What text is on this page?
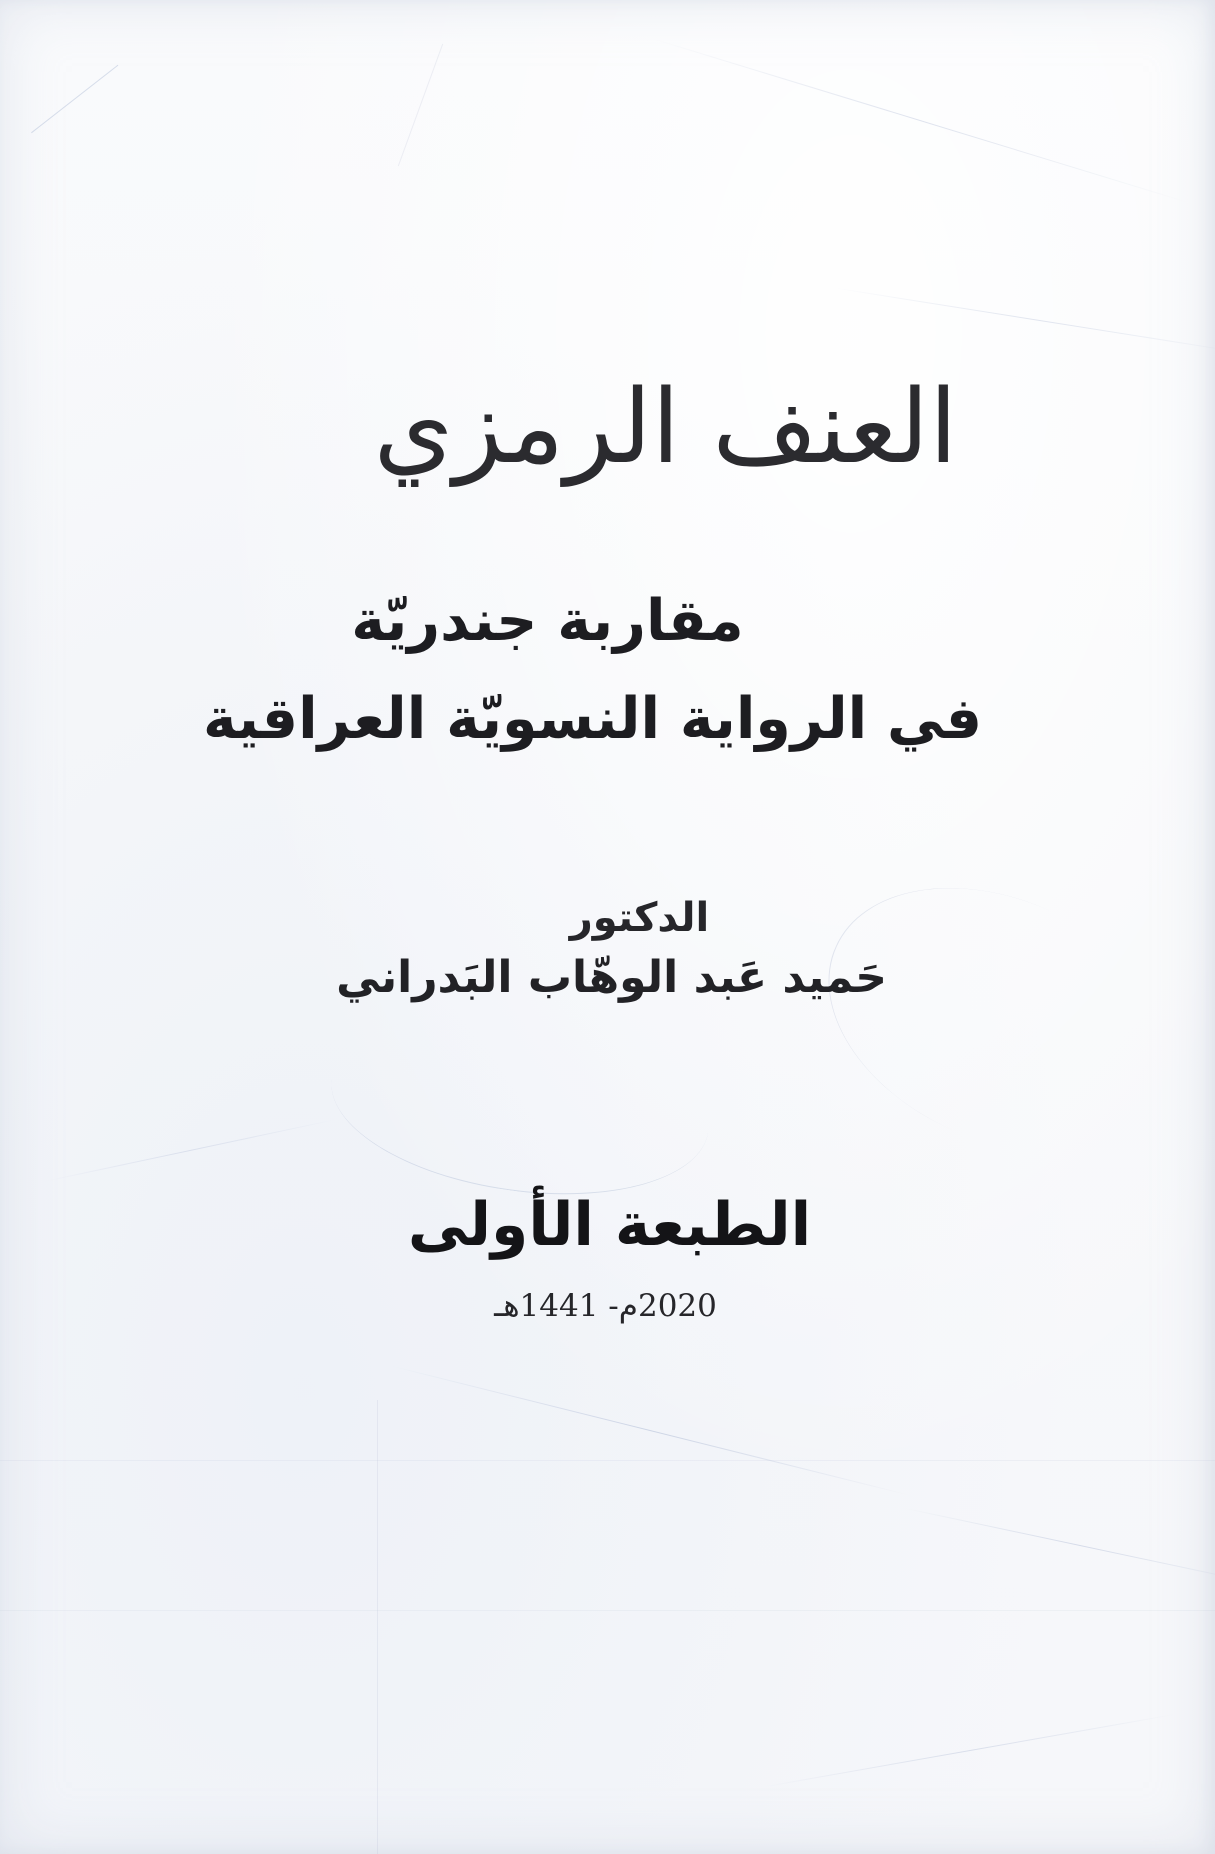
العنف الرمزي
مقاربة جندريّة
في الرواية النسويّة العراقية
الدكتور
حَميد عَبد الوهّاب البَدراني
الطبعة الأولى
2020م- 1441هـ
